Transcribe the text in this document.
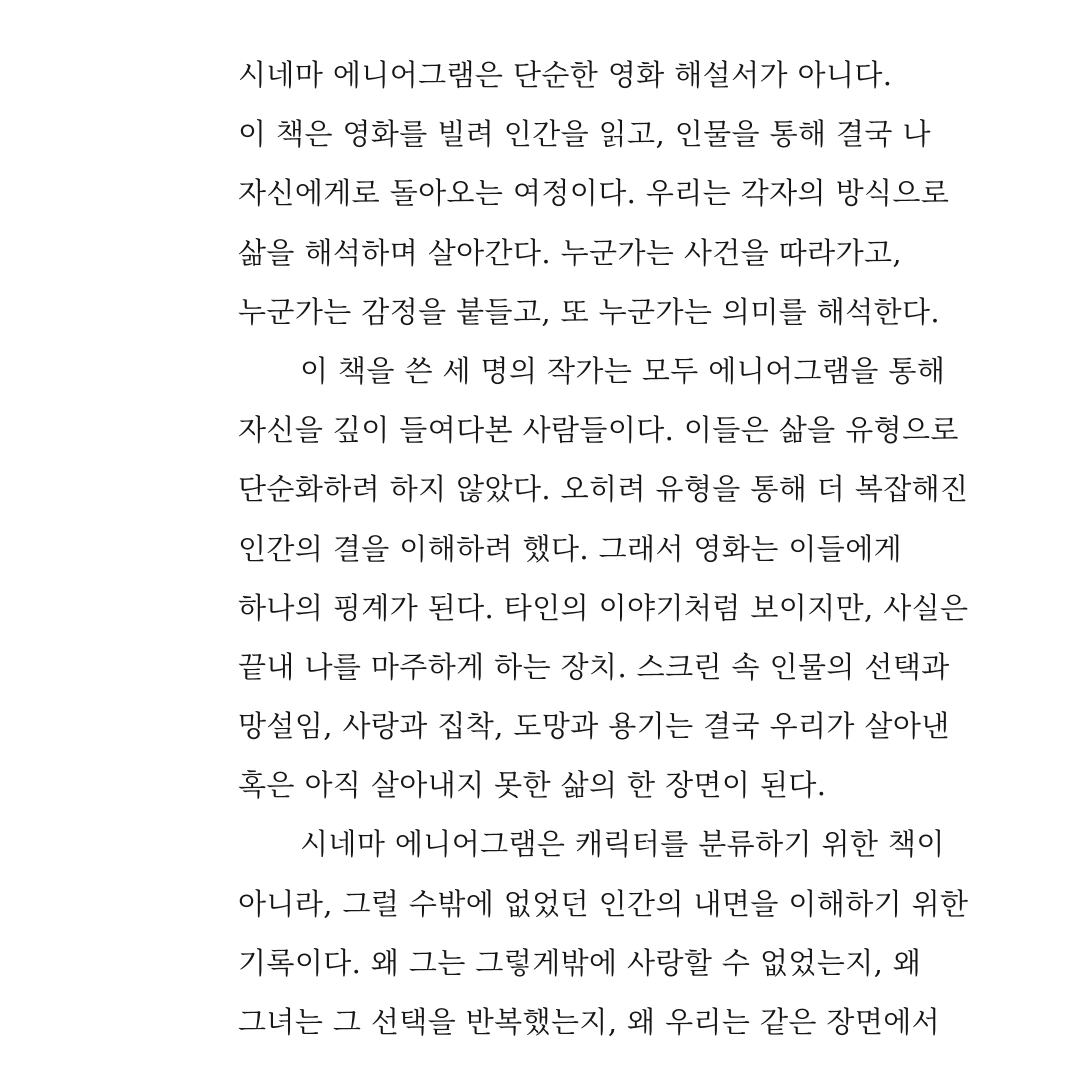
시네마 에니어그램은 단순한 영화 해설서가 아니다.
이 책은 영화를 빌려 인간을 읽고, 인물을 통해 결국 나
자신에게로 돌아오는 여정이다. 우리는 각자의 방식으로
삶을 해석하며 살아간다. 누군가는 사건을 따라가고,
누군가는 감정을 붙들고, 또 누군가는 의미를 해석한다.
이 책을 쓴 세 명의 작가는 모두 에니어그램을 통해
자신을 깊이 들여다본 사람들이다. 이들은 삶을 유형으로
단순화하려 하지 않았다. 오히려 유형을 통해 더 복잡해진
인간의 결을 이해하려 했다. 그래서 영화는 이들에게
하나의 핑계가 된다. 타인의 이야기처럼 보이지만, 사실은
끝내 나를 마주하게 하는 장치. 스크린 속 인물의 선택과
망설임, 사랑과 집착, 도망과 용기는 결국 우리가 살아낸
혹은 아직 살아내지 못한 삶의 한 장면이 된다.
시네마 에니어그램은 캐릭터를 분류하기 위한 책이
아니라, 그럴 수밖에 없었던 인간의 내면을 이해하기 위한
기록이다. 왜 그는 그렇게밖에 사랑할 수 없었는지, 왜
그녀는 그 선택을 반복했는지, 왜 우리는 같은 장면에서
